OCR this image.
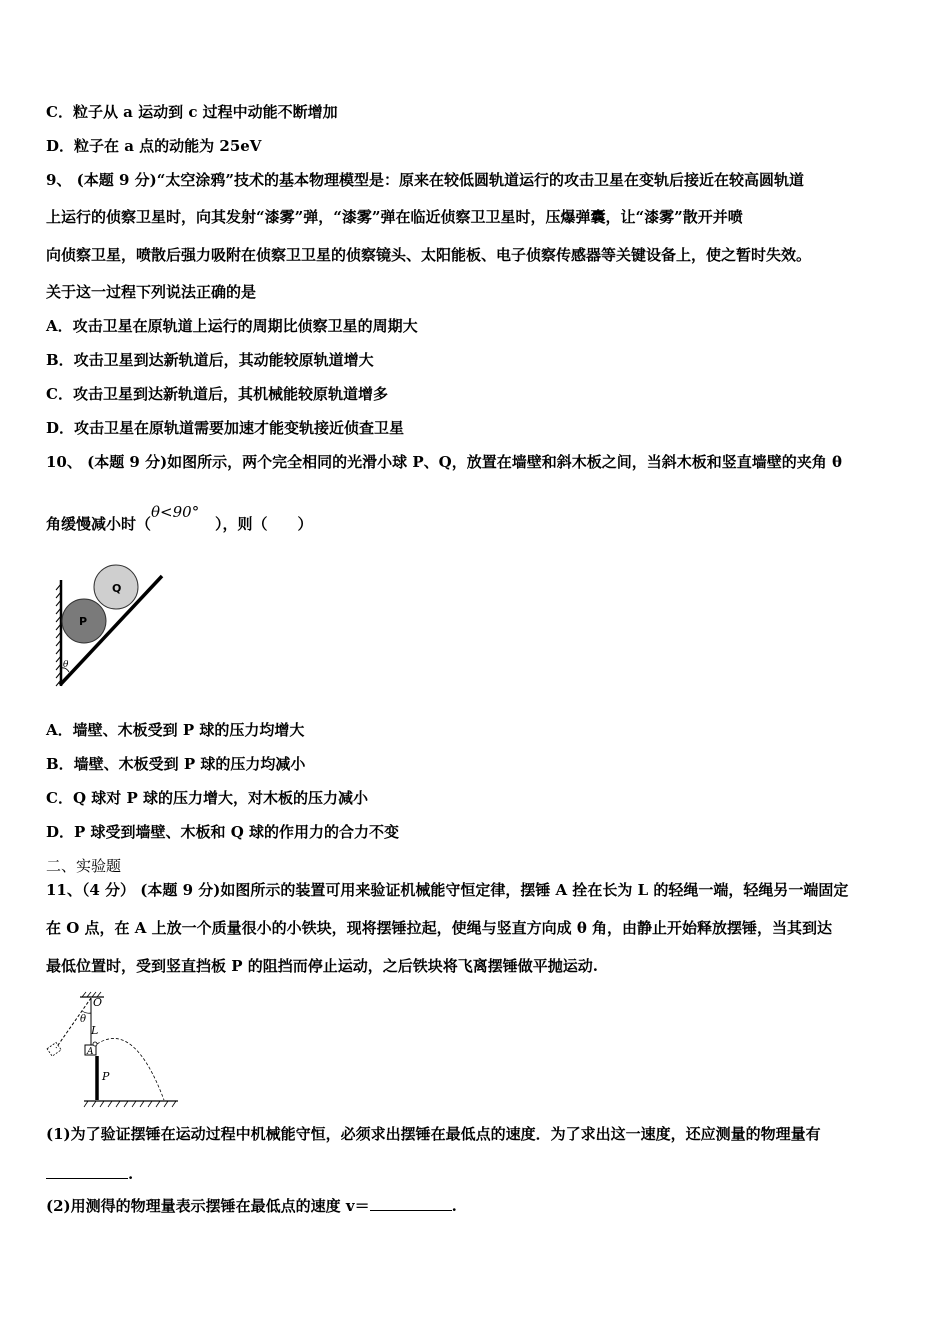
C．粒子从 a 运动到 c 过程中动能不断增加
D．粒子在 a 点的动能为 25eV
9、 (本题 9 分)“太空涂鸦”技术的基本物理模型是：原来在较低圆轨道运行的攻击卫星在变轨后接近在较高圆轨道
上运行的侦察卫星时，向其发射“漆雾”弹，“漆雾”弹在临近侦察卫卫星时，压爆弹囊，让“漆雾”散开并喷
向侦察卫星，喷散后强力吸附在侦察卫卫星的侦察镜头、太阳能板、电子侦察传感器等关键设备上，使之暂时失效。
关于这一过程下列说法正确的是
A．攻击卫星在原轨道上运行的周期比侦察卫星的周期大
B．攻击卫星到达新轨道后，其动能较原轨道增大
C．攻击卫星到达新轨道后，其机械能较原轨道增多
D．攻击卫星在原轨道需要加速才能变轨接近侦查卫星
10、 (本题 9 分)如图所示，两个完全相同的光滑小球 P、Q，放置在墙壁和斜木板之间，当斜木板和竖直墙壁的夹角 θ
角缓慢减小时（θ<90°），则（　　）
θ
Q
P
A．墙壁、木板受到 P 球的压力均增大
B．墙壁、木板受到 P 球的压力均减小
C．Q 球对 P 球的压力增大，对木板的压力减小
D．P 球受到墙壁、木板和 Q 球的作用力的合力不变
二、实验题
11、（4 分） (本题 9 分)如图所示的装置可用来验证机械能守恒定律，摆锤 A 拴在长为 L 的轻绳一端，轻绳另一端固定
在 O 点，在 A 上放一个质量很小的小铁块，现将摆锤拉起，使绳与竖直方向成 θ 角，由静止开始释放摆锤，当其到达
最低位置时，受到竖直挡板 P 的阻挡而停止运动，之后铁块将飞离摆锤做平抛运动.
O
θ
L
A
P
(1)为了验证摆锤在运动过程中机械能守恒，必须求出摆锤在最低点的速度．为了求出这一速度，还应测量的物理量有
.
(2)用测得的物理量表示摆锤在最低点的速度 v＝	.
